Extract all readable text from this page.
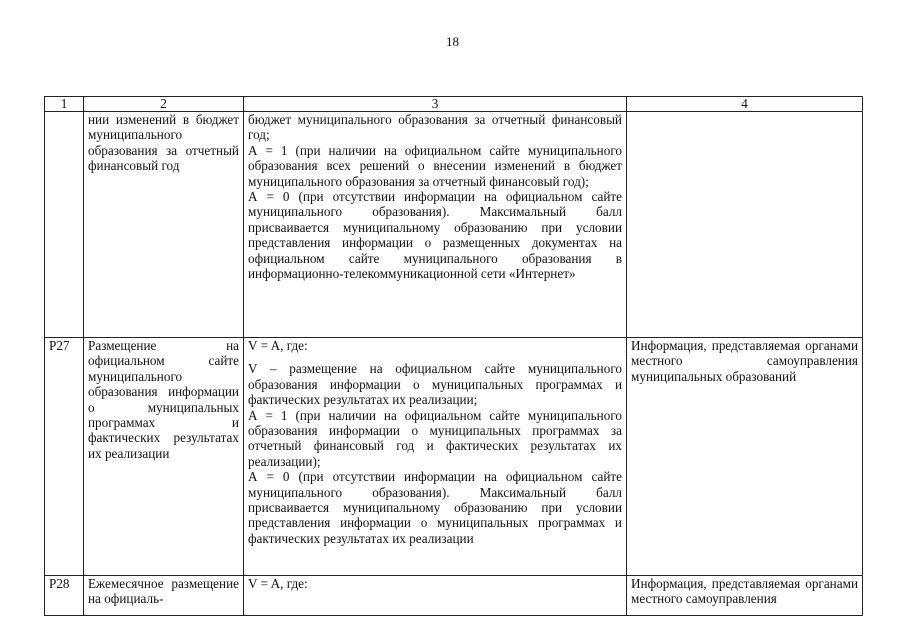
18
1	2	3	4
	нии изменений в бюджет муниципального образования за отчетный финансовый год	бюджет муниципального образования за отчетный финансовый год;
А = 1 (при наличии на официальном сайте муниципального образования всех решений о внесении изменений в бюджет муниципального образования за отчетный финансовый год);
А = 0 (при отсутствии информации на официальном сайте муниципального образования). Максимальный балл присваивается муниципальному образованию при условии представления информации о размещенных документах на официальном сайте муниципального образования в информационно-телекоммуникационной сети «Интернет»	

Р27	Размещение на официальном сайте муниципального образования информации о муниципальных программах и фактических результатах их реализации	V = A, где:
V – размещение на официальном сайте муниципального образования информации о муниципальных программах и фактических результатах их реализации;
А = 1 (при наличии на официальном сайте муниципального образования информации о муниципальных программах за отчетный финансовый год и фактических результатах их реализации);
А = 0 (при отсутствии информации на официальном сайте муниципального образования). Максимальный балл присваивается муниципальному образованию при условии представления информации о муниципальных программах и фактических результатах их реализации	Информация, представляемая органами местного самоуправления муниципальных образований
Р28	Ежемесячное размещение на официаль-	V = A, где:	Информация, представляемая органами местного самоуправления
